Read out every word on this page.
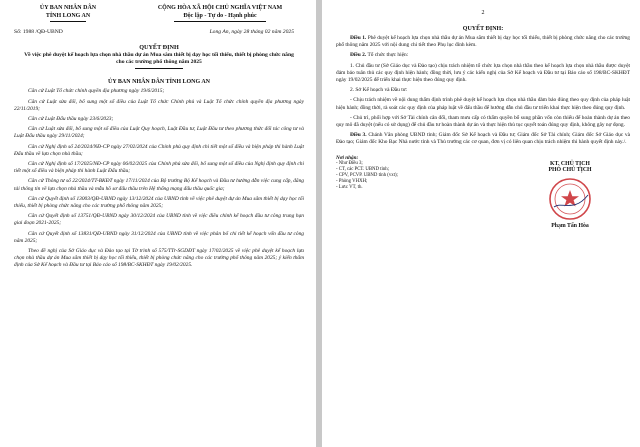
ỦY BAN NHÂN DÂN
TỈNH LONG AN
CỘNG HÒA XÃ HỘI CHỦ NGHĨA VIỆT NAM
Độc lập - Tự do - Hạnh phúc
Số: 1988 /QĐ-UBND	Long An, ngày 28 tháng 02 năm 2025
QUYẾT ĐỊNH
Về việc phê duyệt kế hoạch lựa chọn nhà thầu dự án Mua sắm thiết bị dạy học tối thiểu, thiết bị phòng chức năng cho các trường phổ thông năm 2025
ỦY BAN NHÂN DÂN TỈNH LONG AN

Căn cứ Luật Tổ chức chính quyền địa phương ngày 19/6/2015;

Căn cứ Luật sửa đổi, bổ sung một số điều của Luật Tổ chức Chính phủ và Luật Tổ chức chính quyền địa phương ngày 22/11/2019;

Căn cứ Luật Đấu thầu ngày 23/6/2023;

Căn cứ Luật sửa đổi, bổ sung một số điều của Luật Quy hoạch, Luật Đầu tư, Luật Đầu tư theo phương thức đối tác công tư và Luật Đấu thầu ngày 29/11/2024;

Căn cứ Nghị định số 24/2024/NĐ-CP ngày 27/02/2024 của Chính phủ quy định chi tiết một số điều và biện pháp thi hành Luật Đấu thầu về lựa chọn nhà thầu;

Căn cứ Nghị định số 17/2025/NĐ-CP ngày 06/02/2025 của Chính phủ sửa đổi, bổ sung một số điều của Nghị định quy định chi tiết một số điều và biện pháp thi hành Luật Đấu thầu;

Căn cứ Thông tư số 22/2024/TT-BKĐT ngày 17/11/2024 của Bộ trưởng Bộ Kế hoạch và Đầu tư hướng dẫn việc cung cấp, đăng tải thông tin về lựa chọn nhà thầu và mẫu hồ sơ đấu thầu trên Hệ thống mạng đấu thầu quốc gia;

Căn cứ Quyết định số 13003/QĐ-UBND ngày 13/12/2024 của UBND tỉnh về việc phê duyệt dự án Mua sắm thiết bị dạy học tối thiểu, thiết bị phòng chức năng cho các trường phổ thông năm 2025;

Căn cứ Quyết định số 13751/QĐ-UBND ngày 30/12/2024 của UBND tỉnh về việc điều chỉnh kế hoạch đầu tư công trung hạn giai đoạn 2021-2025;

Căn cứ Quyết định số 13831/QĐ-UBND ngày 31/12/2024 của UBND tỉnh về việc phân bổ chi tiết kế hoạch vốn đầu tư công năm 2025;

Theo đề nghị của Sở Giáo dục và Đào tạo tại Tờ trình số 575/TTr-SGDĐT ngày 17/02/2025 về việc phê duyệt kế hoạch lựa chọn nhà thầu dự án Mua sắm thiết bị dạy học tối thiểu, thiết bị phòng chức năng cho các trường phổ thông năm 2025; ý kiến thẩm định của Sở Kế hoạch và Đầu tư tại Báo cáo số 198/BC-SKHĐT ngày 19/02/2025.

2
QUYẾT ĐỊNH:

Điều 1. Phê duyệt kế hoạch lựa chọn nhà thầu dự án Mua sắm thiết bị dạy học tối thiểu, thiết bị phòng chức năng cho các trường phổ thông năm 2025 với nội dung chi tiết theo Phụ lục đính kèm.

Điều 2. Tổ chức thực hiện:

1. Chủ đầu tư (Sở Giáo dục và Đào tạo) chịu trách nhiệm tổ chức lựa chọn nhà thầu theo kế hoạch lựa chọn nhà thầu được duyệt đảm bảo tuân thủ các quy định hiện hành; đồng thời, lưu ý các kiến nghị của Sở Kế hoạch và Đầu tư tại Báo cáo số 198/BC-SKHĐT ngày 19/02/2025 để triển khai thực hiện theo đúng quy định.

2. Sở Kế hoạch và Đầu tư:

- Chịu trách nhiệm về nội dung thẩm định trình phê duyệt kế hoạch lựa chọn nhà thầu đảm bảo đúng theo quy định của pháp luật hiện hành; đồng thời, rà soát các quy định của pháp luật về đấu thầu để hướng dẫn chủ đầu tư triển khai thực hiện theo đúng quy định.

- Chủ trì, phối hợp với Sở Tài chính cân đối, tham mưu cấp có thẩm quyền bổ sung phần vốn còn thiếu để hoàn thành dự án theo quy mô đã duyệt (nếu có sử dụng) để chủ đầu tư hoàn thành dự án và thực hiện thủ tục quyết toán đúng quy định, không gây nợ đọng.

Điều 3. Chánh Văn phòng UBND tỉnh; Giám đốc Sở Kế hoạch và Đầu tư; Giám đốc Sở Tài chính; Giám đốc Sở Giáo dục và Đào tạo; Giám đốc Kho Bạc Nhà nước tỉnh và Thủ trưởng các cơ quan, đơn vị có liên quan chịu trách nhiệm thi hành quyết định này./.

Nơi nhận:
- Như Điều 3;
- CT, các PCT. UBND tỉnh;
- CPV, PCVP. UBND tỉnh (vxt);
- Phòng VHXH;
- Lưu: VT, th.
KT. CHỦ TỊCH
PHÓ CHỦ TỊCH
Phạm Tấn Hòa
